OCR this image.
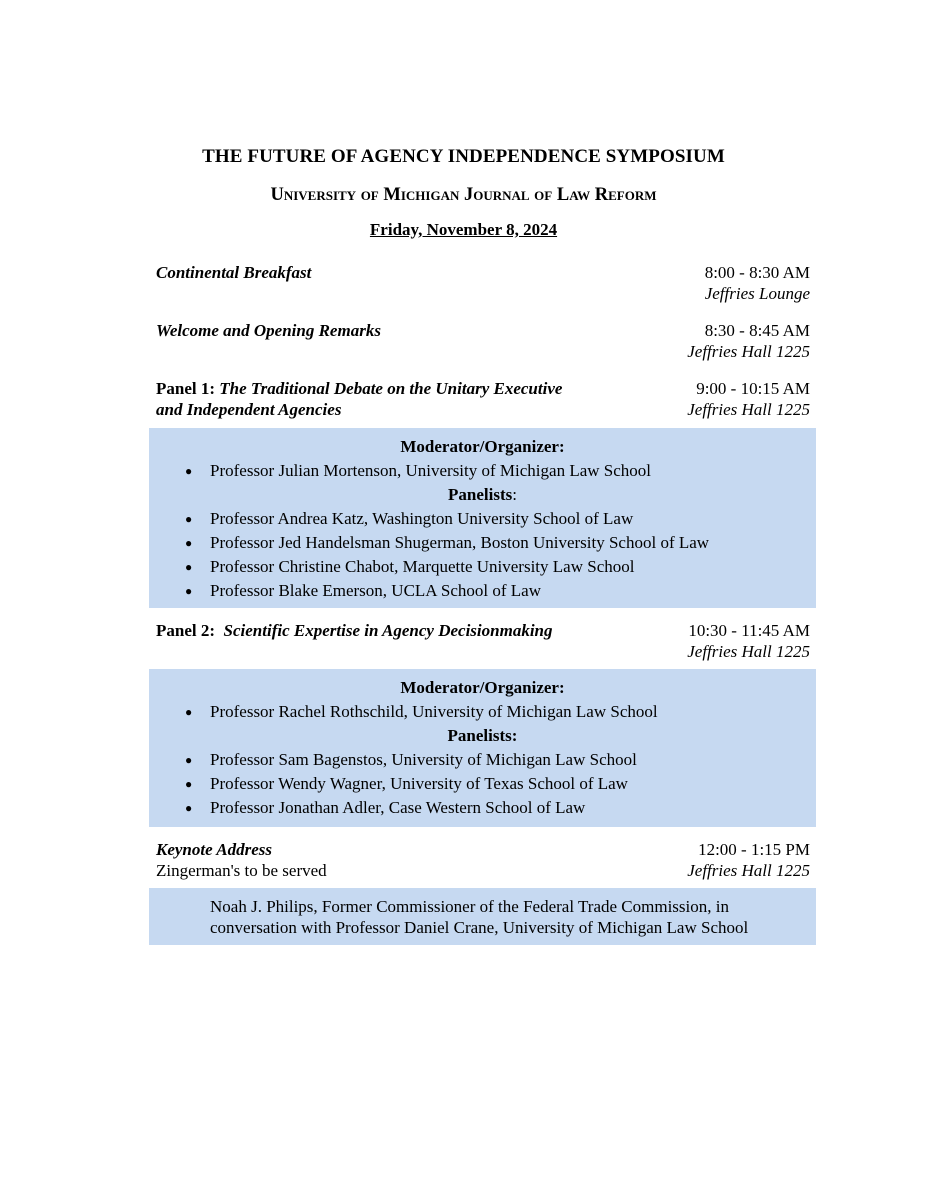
THE FUTURE OF AGENCY INDEPENDENCE SYMPOSIUM
University of Michigan Journal of Law Reform
Friday, November 8, 2024
Continental Breakfast	8:00 - 8:30 AM
Jeffries Lounge
Welcome and Opening Remarks	8:30 - 8:45 AM
Jeffries Hall 1225
Panel 1: The Traditional Debate on the Unitary Executive
and Independent Agencies
9:00 - 10:15 AM
Jeffries Hall 1225
Moderator/Organizer:
● Professor Julian Mortenson, University of Michigan Law School
Panelists:
● Professor Andrea Katz, Washington University School of Law
● Professor Jed Handelsman Shugerman, Boston University School of Law
● Professor Christine Chabot, Marquette University Law School
● Professor Blake Emerson, UCLA School of Law
Panel 2: Scientific Expertise in Agency Decisionmaking	10:30 - 11:45 AM
Jeffries Hall 1225
Moderator/Organizer:
● Professor Rachel Rothschild, University of Michigan Law School
Panelists:
● Professor Sam Bagenstos, University of Michigan Law School
● Professor Wendy Wagner, University of Texas School of Law
● Professor Jonathan Adler, Case Western School of Law
Keynote Address
Zingerman's to be served
12:00 - 1:15 PM
Jeffries Hall 1225
Noah J. Philips, Former Commissioner of the Federal Trade Commission, in
conversation with Professor Daniel Crane, University of Michigan Law School
